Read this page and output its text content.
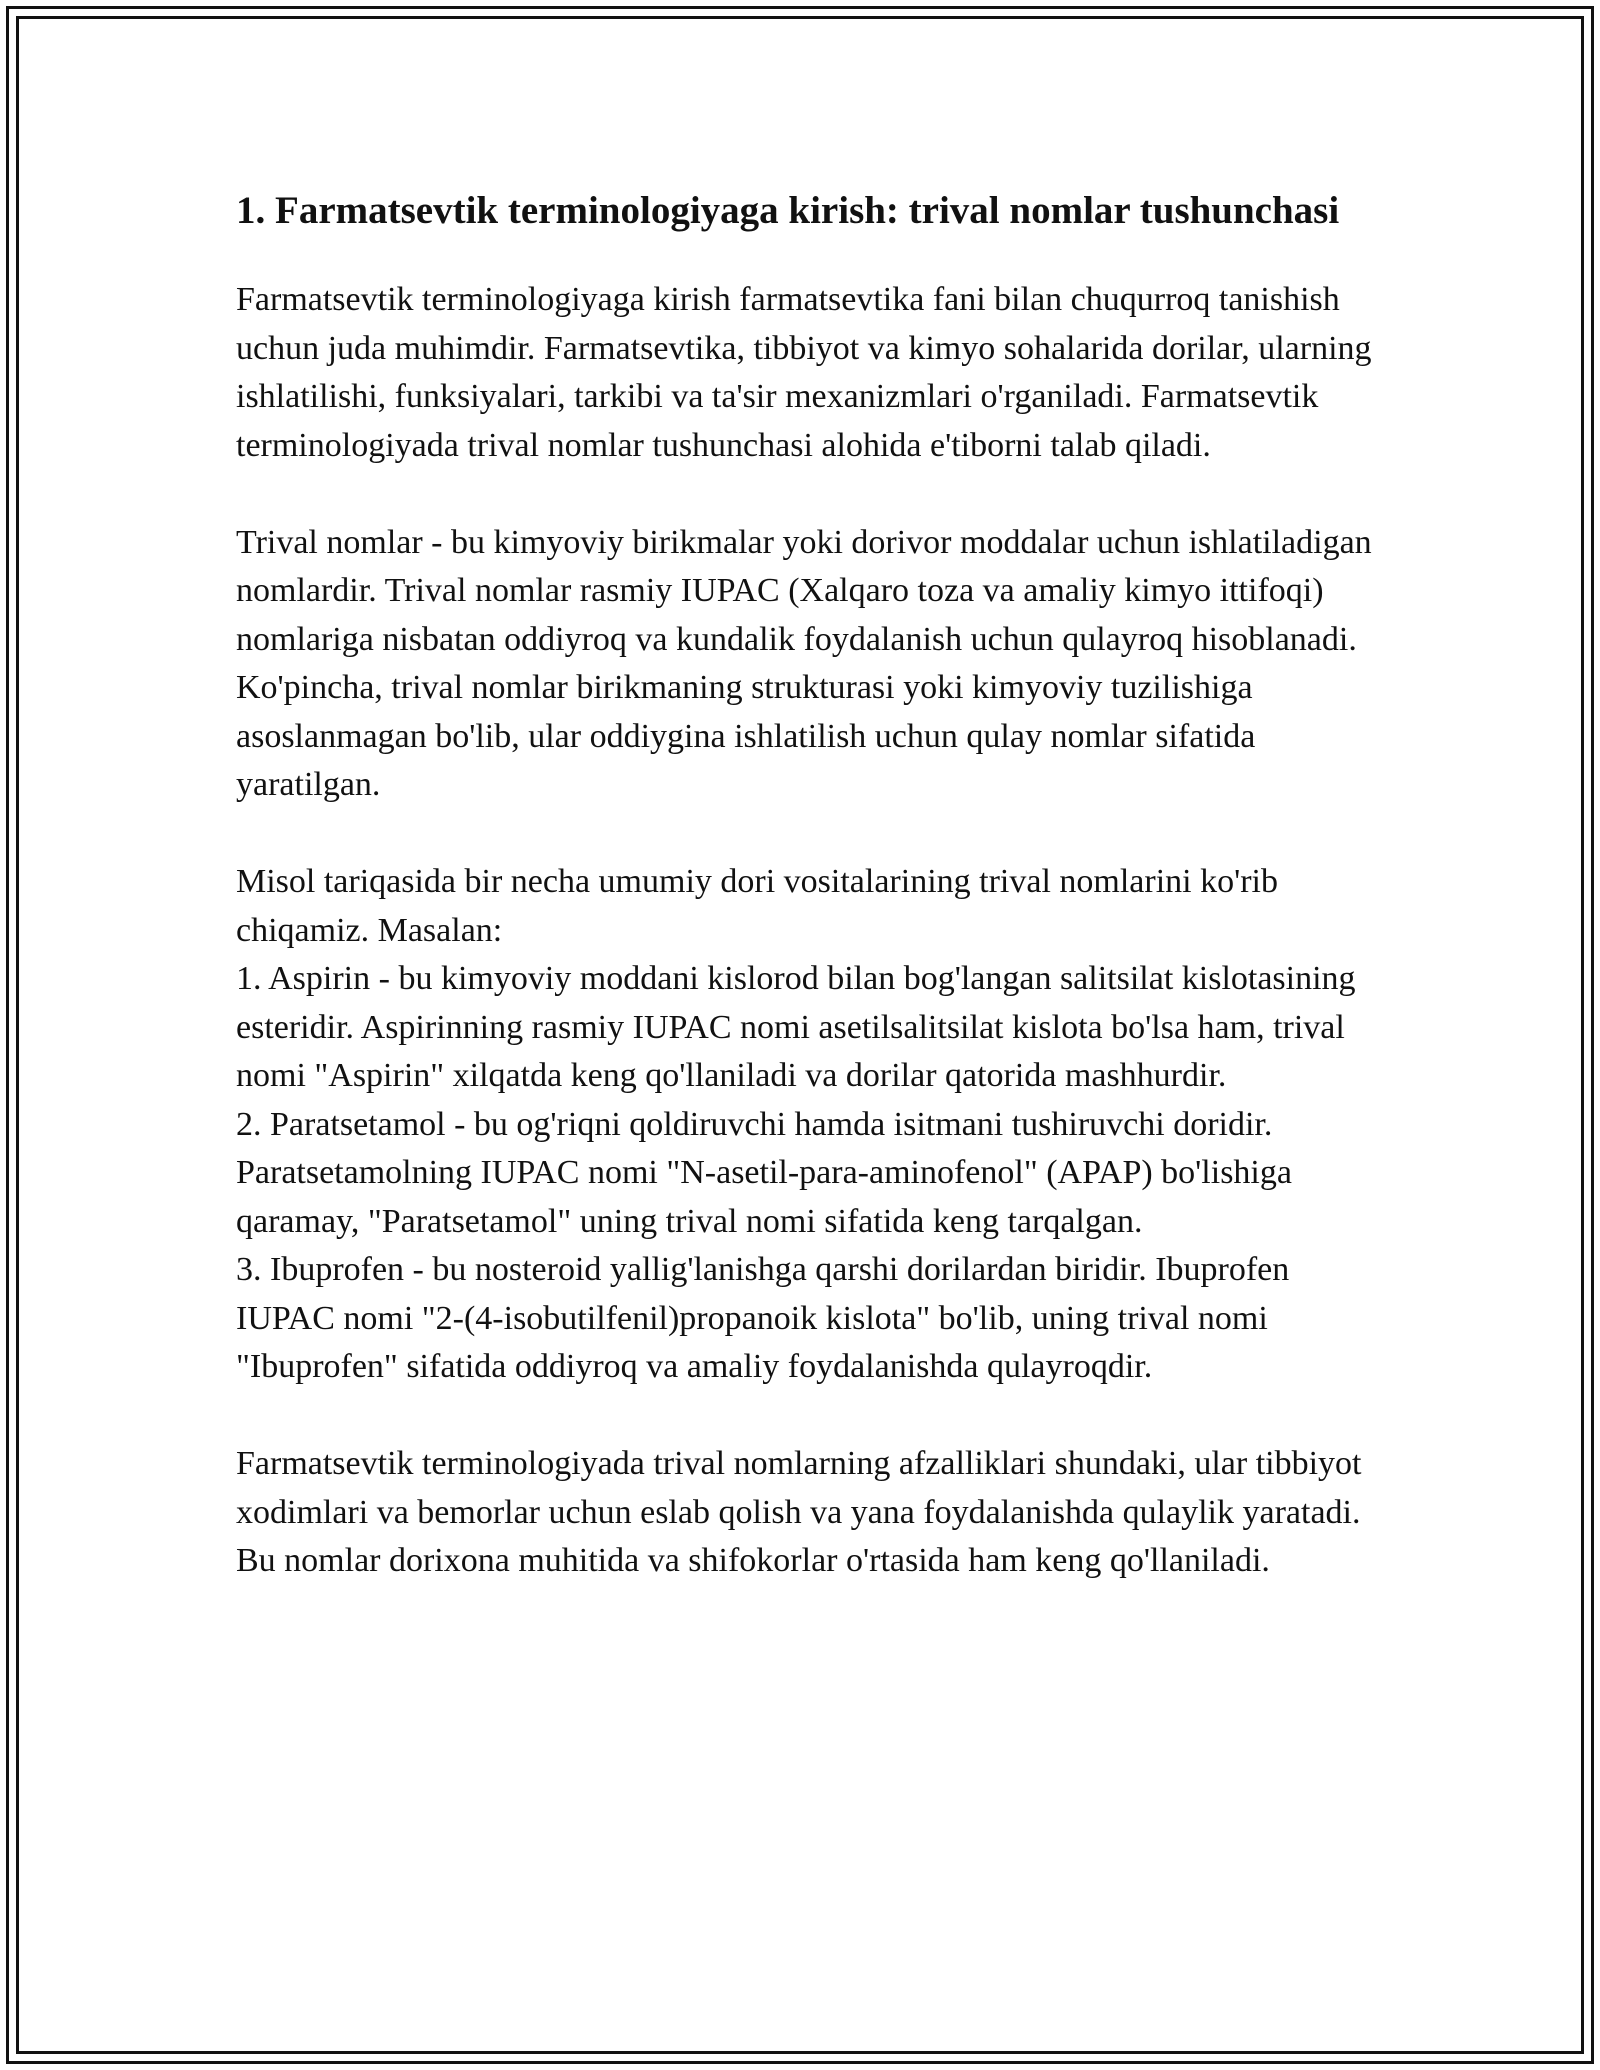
1. Farmatsevtik terminologiyaga kirish: trival nomlar tushunchasi

Farmatsevtik terminologiyaga kirish farmatsevtika fani bilan chuqurroq tanishish uchun juda muhimdir. Farmatsevtika, tibbiyot va kimyo sohalarida dorilar, ularning ishlatilishi, funksiyalari, tarkibi va ta'sir mexanizmlari o'rganiladi. Farmatsevtik terminologiyada trival nomlar tushunchasi alohida e'tiborni talab qiladi.

Trival nomlar - bu kimyoviy birikmalar yoki dorivor moddalar uchun ishlatiladigan nomlardir. Trival nomlar rasmiy IUPAC (Xalqaro toza va amaliy kimyo ittifoqi) nomlariga nisbatan oddiyroq va kundalik foydalanish uchun qulayroq hisoblanadi. Ko'pincha, trival nomlar birikmaning strukturasi yoki kimyoviy tuzilishiga asoslanmagan bo'lib, ular oddiygina ishlatilish uchun qulay nomlar sifatida yaratilgan.

Misol tariqasida bir necha umumiy dori vositalarining trival nomlarini ko'rib chiqamiz. Masalan:
1. Aspirin - bu kimyoviy moddani kislorod bilan bog'langan salitsilat kislotasining esteridir. Aspirinning rasmiy IUPAC nomi asetilsalitsilat kislota bo'lsa ham, trival nomi "Aspirin" xilqatda keng qo'llaniladi va dorilar qatorida mashhurdir.
2. Paratsetamol - bu og'riqni qoldiruvchi hamda isitmani tushiruvchi doridir. Paratsetamolning IUPAC nomi "N-asetil-para-aminofenol" (APAP) bo'lishiga qaramay, "Paratsetamol" uning trival nomi sifatida keng tarqalgan.
3. Ibuprofen - bu nosteroid yallig'lanishga qarshi dorilardan biridir. Ibuprofen IUPAC nomi "2-(4-isobutilfenil)propanoik kislota" bo'lib, uning trival nomi "Ibuprofen" sifatida oddiyroq va amaliy foydalanishda qulayroqdir.

Farmatsevtik terminologiyada trival nomlarning afzalliklari shundaki, ular tibbiyot xodimlari va bemorlar uchun eslab qolish va yana foydalanishda qulaylik yaratadi. Bu nomlar dorixona muhitida va shifokorlar o'rtasida ham keng qo'llaniladi.
